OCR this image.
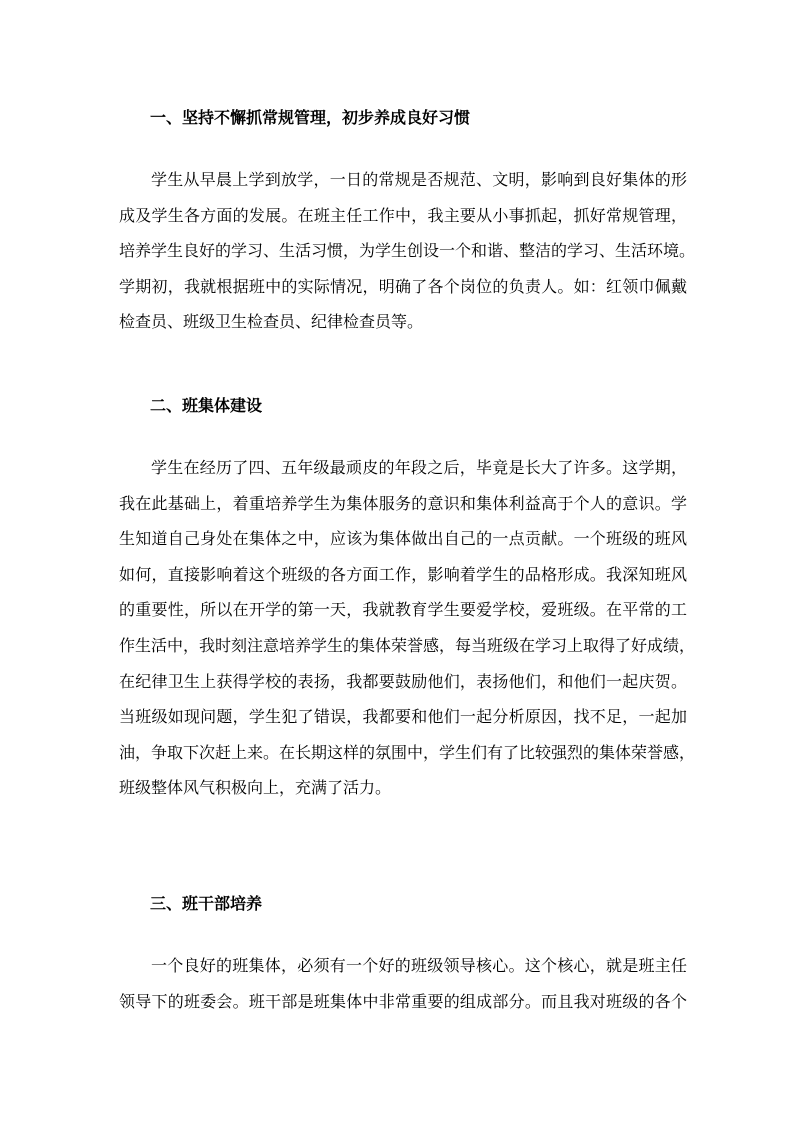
一、坚持不懈抓常规管理，初步养成良好习惯
学生从早晨上学到放学，一日的常规是否规范、文明，影响到良好集体的形
成及学生各方面的发展。在班主任工作中，我主要从小事抓起，抓好常规管理，
培养学生良好的学习、生活习惯，为学生创设一个和谐、整洁的学习、生活环境。
学期初，我就根据班中的实际情况，明确了各个岗位的负责人。如：红领巾佩戴
检查员、班级卫生检查员、纪律检查员等。
二、班集体建设
学生在经历了四、五年级最顽皮的年段之后，毕竟是长大了许多。这学期，
我在此基础上，着重培养学生为集体服务的意识和集体利益高于个人的意识。学
生知道自己身处在集体之中，应该为集体做出自己的一点贡献。一个班级的班风
如何，直接影响着这个班级的各方面工作，影响着学生的品格形成。我深知班风
的重要性，所以在开学的第一天，我就教育学生要爱学校，爱班级。在平常的工
作生活中，我时刻注意培养学生的集体荣誉感，每当班级在学习上取得了好成绩，
在纪律卫生上获得学校的表扬，我都要鼓励他们，表扬他们，和他们一起庆贺。
当班级如现问题，学生犯了错误，我都要和他们一起分析原因，找不足，一起加
油，争取下次赶上来。在长期这样的氛围中，学生们有了比较强烈的集体荣誉感，
班级整体风气积极向上，充满了活力。
三、班干部培养
一个良好的班集体，必须有一个好的班级领导核心。这个核心，就是班主任
领导下的班委会。班干部是班集体中非常重要的组成部分。而且我对班级的各个
